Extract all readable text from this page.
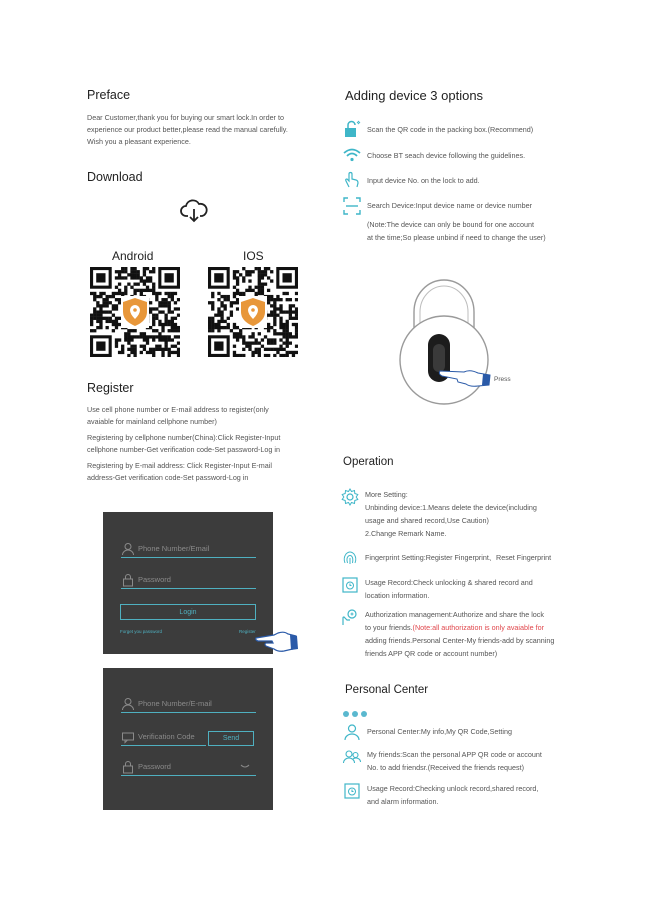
Preface
Dear Customer,thank you for buying our smart lock.In order to
experience our product better,please read the manual carefully.
Wish you a pleasant experience.
Download
Android	IOS
Register
Use cell phone number or E-mail address to register(only
avaiable for mainland cellphone number)
Registering by cellphone number(China):Click Register-Input
cellphone number-Get verification code-Set password-Log in
Registering by E-mail address: Click Register-Input E-mail
address-Get verification code-Set password-Log in
Phone Number/Email
Password
Login
Forget you password	Register
Phone Number/E-mail
Verification Code	Send
Password
Adding device 3 options
Scan the QR code in the packing box.(Recommend)
Choose BT seach device following the guidelines.
Input device No. on the lock to add.
Search Device:Input device name or device number
(Note:The device can only be bound for one account
at the time;So please unbind if need to change the user)
Press
Operation
More Setting:
Unbinding device:1.Means delete the device(including
usage and shared record,Use Caution)
2.Change Remark Name.
Fingerprint Setting:Register Fingerprint、Reset Fingerprint
Usage Record:Check unlocking & shared record and
location information.
Authorization management:Authorize and share the lock
to your friends.(Note:all authorization is only avaiable for
adding friends.Personal Center-My friends-add by scanning
friends APP QR code or account number)
Personal Center
Personal Center:My info,My QR Code,Setting
My friends:Scan the personal APP QR code or account
No. to add friendsr.(Received the friends request)
Usage Record:Checking unlock record,shared record,
and alarm information.
